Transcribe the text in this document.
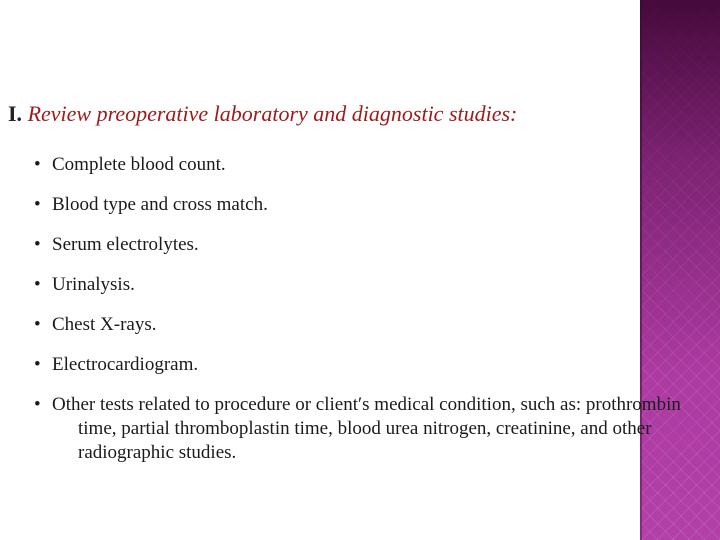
I. Review preoperative laboratory and diagnostic studies:
• Complete blood count.
• Blood type and cross match.
• Serum electrolytes.
• Urinalysis.
• Chest X-rays.
• Electrocardiogram.
• Other tests related to procedure or client′s medical condition, such as: prothrombin time, partial thromboplastin time, blood urea nitrogen, creatinine, and other radiographic studies.
